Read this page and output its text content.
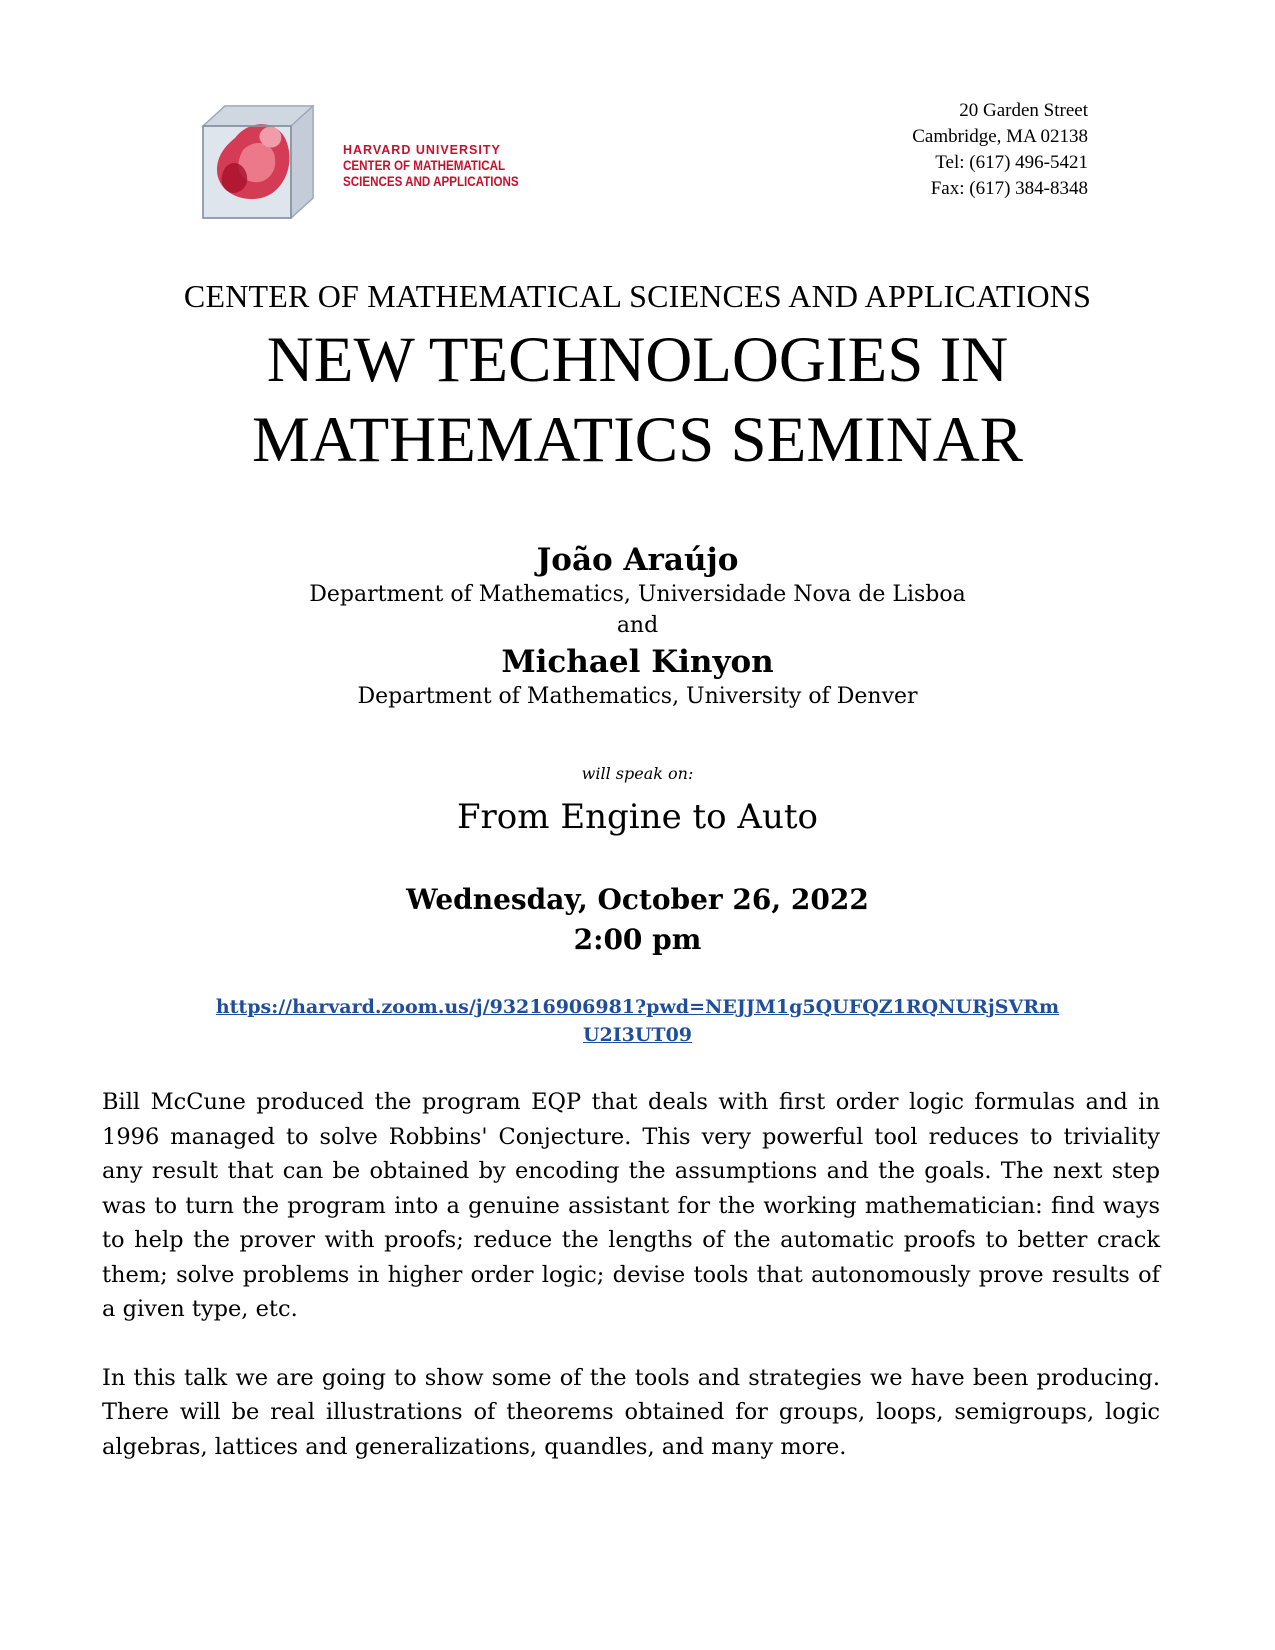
HARVARD UNIVERSITY
CENTER OF MATHEMATICAL
SCIENCES AND APPLICATIONS
20 Garden Street
Cambridge, MA 02138
Tel: (617) 496-5421
Fax: (617) 384-8348
CENTER OF MATHEMATICAL SCIENCES AND APPLICATIONS
NEW TECHNOLOGIES IN
MATHEMATICS SEMINAR
João Araújo
Department of Mathematics, Universidade Nova de Lisboa
and
Michael Kinyon
Department of Mathematics, University of Denver
will speak on:
From Engine to Auto
Wednesday, October 26, 2022
2:00 pm
https://harvard.zoom.us/j/93216906981?pwd=NEJJM1g5QUFQZ1RQNURjSVRm
U2I3UT09

Bill McCune produced the program EQP that deals with first order logic formulas and in 1996 managed to solve Robbins' Conjecture. This very powerful tool reduces to triviality any result that can be obtained by encoding the assumptions and the goals. The next step was to turn the program into a genuine assistant for the working mathematician: find ways to help the prover with proofs; reduce the lengths of the automatic proofs to better crack them; solve problems in higher order logic; devise tools that autonomously prove results of a given type, etc.

In this talk we are going to show some of the tools and strategies we have been producing. There will be real illustrations of theorems obtained for groups, loops, semigroups, logic algebras, lattices and generalizations, quandles, and many more.
